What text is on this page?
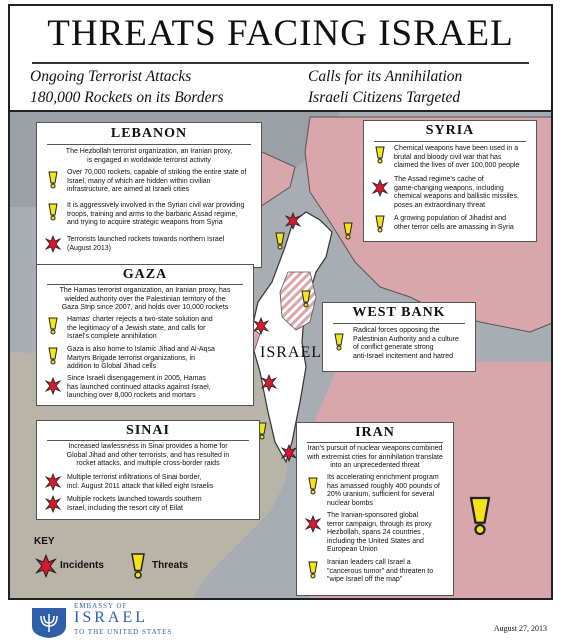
THREATS FACING ISRAEL
Ongoing Terrorist Attacks
180,000 Rockets on its Borders
Calls for its Annihilation
Israeli Citizens Targeted
ISRAEL
LEBANON
The Hezbollah terrorist organization, an Iranian proxy,
is engaged in worldwide terrorist activity
Over 70,000 rockets, capable of striking the entire state of
Israel, many of which are hidden within civilian
infrastructure, are aimed at Israeli cities
It is aggressively involved in the Syrian civil war providing
troops, training and arms to the barbaric Assad regime,
and trying to acquire strategic weapons from Syria
Terrorists launched rockets towards northern Israel
(August 2013)
SYRIA
Chemical weapons have been used in a
brutal and bloody civil war that has
claimed the lives of over 100,000 people
The Assad regime's cache of
game-changing weapons, including
chemical weapons and ballistic missiles,
poses an extraordinary threat
A growing population of Jihadist and
other terror cells are amassing in Syria
GAZA
The Hamas terrorist organization, an Iranian proxy, has
wielded authority over the Palestinian territory of the
Gaza Strip since 2007, and holds over 10,000 rockets
Hamas' charter rejects a two-state solution and
the legitimacy of a Jewish state, and calls for
Israel's complete annihilation
Gaza is also home to Islamic Jihad and Al-Aqsa
Martyrs Brigade terrorist organizations, in
addition to Global Jihad cells
Since Israeli disengagement in 2005, Hamas
has launched continued attacks against Israel,
launching over 8,000 rockets and mortars
WEST BANK
Radical forces opposing the
Palestinian Authority and a culture
of conflict generate strong
anti-Israel incitement and hatred
SINAI
Increased lawlessness in Sinai provides a home for
Global Jihad and other terrorists, and has resulted in
rocket attacks, and multiple cross-border raids
Multiple terrorist infiltrations of Sinai border,
incl. August 2011 attack that killed eight Israelis
Multiple rockets launched towards southern
Israel, including the resort city of Eilat
IRAN
Iran's pursuit of nuclear weapons combined
with extremist cries for annihilation translate
into an unprecedented threat
Its accelerating enrichment program
has amassed roughly 400 pounds of
20% uranium, sufficient for several
nuclear bombs
The Iranian-sponsored global
terror campaign, through its proxy
Hezbollah, spans 24 countries ,
including the United States and
European Union
Iranian leaders call Israel a
"cancerous tumor" and threaten to
"wipe Israel off the map"
KEY
Incidents	Threats
EMBASSY OF
ISRAEL
TO THE UNITED STATES	August 27, 2013
